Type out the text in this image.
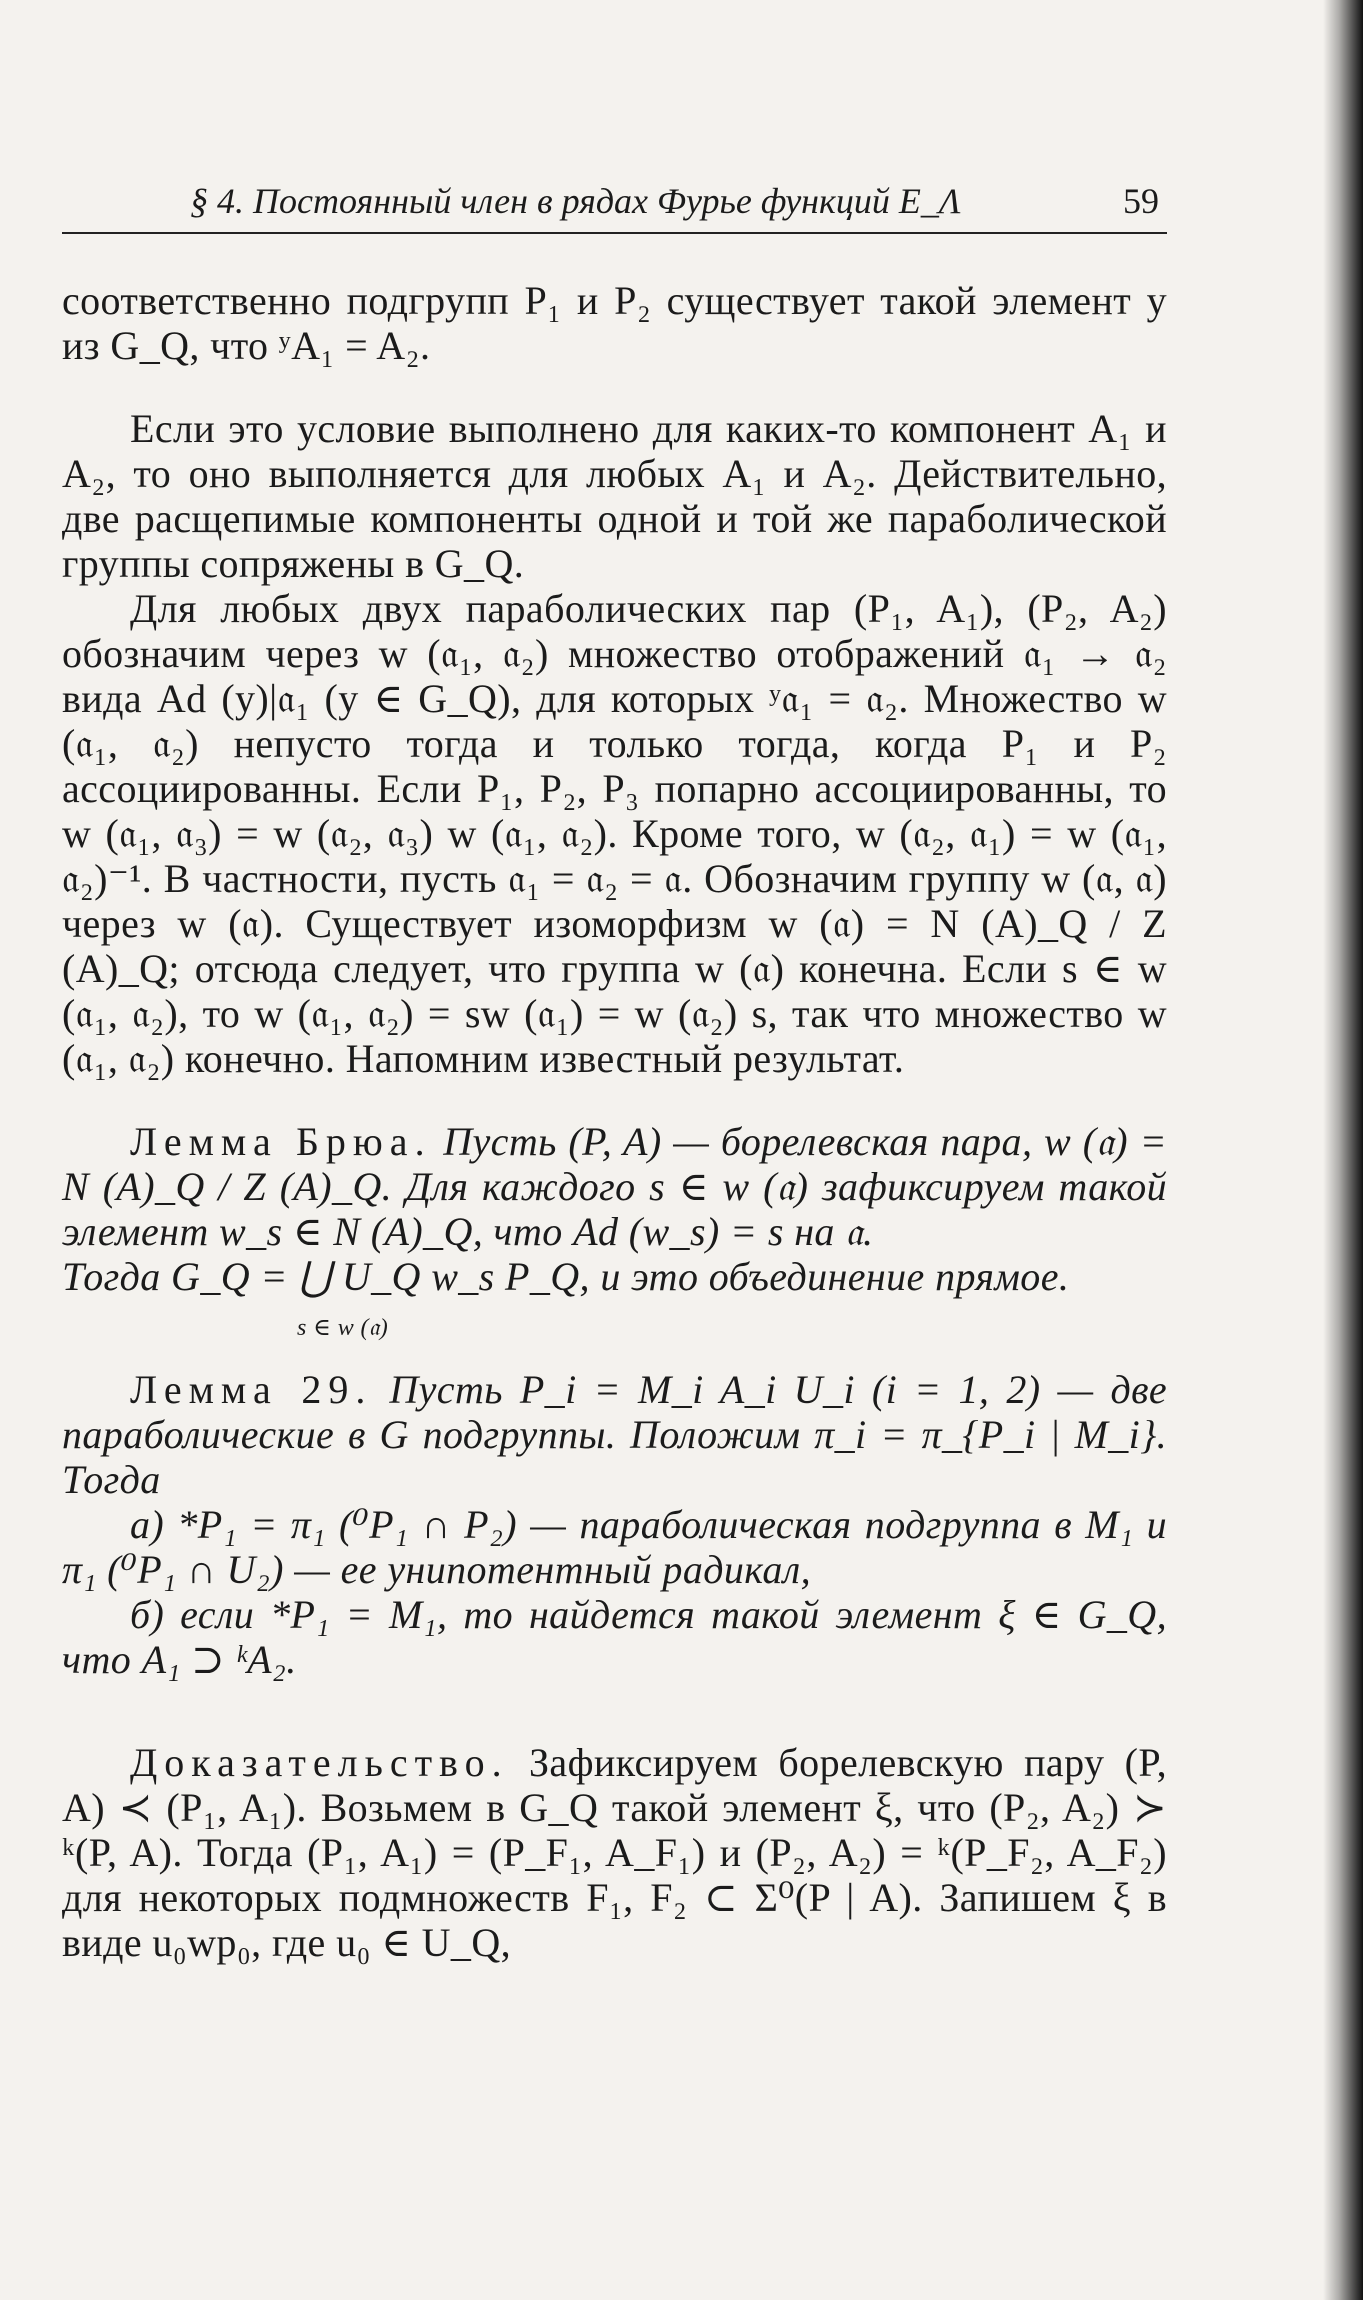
§ 4. Постоянный член в рядах Фурье функций E_Λ	59

соответственно подгрупп P₁ и P₂ существует такой элемент y из G_Q, что ʸA₁ = A₂.

Если это условие выполнено для каких-то компонент A₁ и A₂, то оно выполняется для любых A₁ и A₂. Действительно, две расщепимые компоненты одной и той же параболической группы сопряжены в G_Q.

Для любых двух параболических пар (P₁, A₁), (P₂, A₂) обозначим через w (𝔞₁, 𝔞₂) множество отображений 𝔞₁ → 𝔞₂ вида Ad (y)|𝔞₁ (y ∈ G_Q), для которых ʸ𝔞₁ = 𝔞₂. Множество w (𝔞₁, 𝔞₂) непусто тогда и только тогда, когда P₁ и P₂ ассоциированны. Если P₁, P₂, P₃ попарно ассоциированны, то w (𝔞₁, 𝔞₃) = w (𝔞₂, 𝔞₃) w (𝔞₁, 𝔞₂). Кроме того, w (𝔞₂, 𝔞₁) = w (𝔞₁, 𝔞₂)⁻¹. В частности, пусть 𝔞₁ = 𝔞₂ = 𝔞. Обозначим группу w (𝔞, 𝔞) через w (𝔞). Существует изоморфизм w (𝔞) = N (A)_Q / Z (A)_Q; отсюда следует, что группа w (𝔞) конечна. Если s ∈ w (𝔞₁, 𝔞₂), то w (𝔞₁, 𝔞₂) = sw (𝔞₁) = w (𝔞₂) s, так что множество w (𝔞₁, 𝔞₂) конечно. Напомним известный результат.

Лемма Брюа. Пусть (P, A) — борелевская пара, w (𝔞) = N (A)_Q / Z (A)_Q. Для каждого s ∈ w (𝔞) зафиксируем такой элемент w_s ∈ N (A)_Q, что Ad (w_s) = s на 𝔞.

Тогда G_Q = ⋃ U_Q w_s P_Q, и это объединение прямое.
s ∈ w (𝔞)

Лемма 29. Пусть P_i = M_i A_i U_i (i = 1, 2) — две параболические в G подгруппы. Положим π_i = π_{P_i | M_i}. Тогда

а) *P₁ = π₁ (⁰P₁ ∩ P₂) — параболическая подгруппа в M₁ и π₁ (⁰P₁ ∩ U₂) — ее унипотентный радикал,

б) если *P₁ = M₁, то найдется такой элемент ξ ∈ G_Q, что A₁ ⊃ ᵏA₂.

Доказательство. Зафиксируем борелевскую пару (P, A) ≺ (P₁, A₁). Возьмем в G_Q такой элемент ξ, что (P₂, A₂) ≻ ᵏ(P, A). Тогда (P₁, A₁) = (P_F₁, A_F₁) и (P₂, A₂) = ᵏ(P_F₂, A_F₂) для некоторых подмножеств F₁, F₂ ⊂ Σ⁰(P | A). Запишем ξ в виде u₀wp₀, где u₀ ∈ U_Q,
